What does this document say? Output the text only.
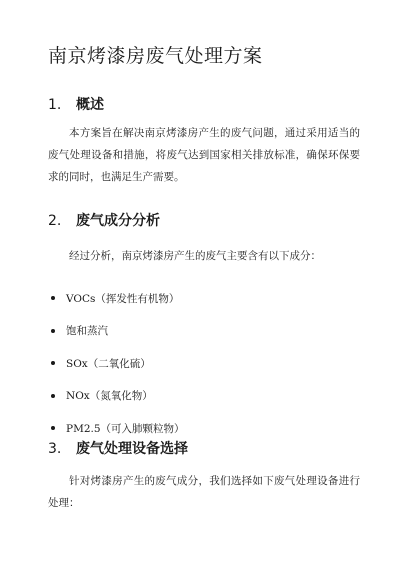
南京烤漆房废气处理方案
1. 概述

本方案旨在解决南京烤漆房产生的废气问题，通过采用适当的废气处理设备和措施，将废气达到国家相关排放标准，确保环保要求的同时，也满足生产需要。

2. 废气成分分析

经过分析，南京烤漆房产生的废气主要含有以下成分：

VOCs（挥发性有机物）
饱和蒸汽
SOx（二氧化硫）
NOx（氮氧化物）
PM2.5（可入肺颗粒物）
3. 废气处理设备选择

针对烤漆房产生的废气成分，我们选择如下废气处理设备进行处理：
